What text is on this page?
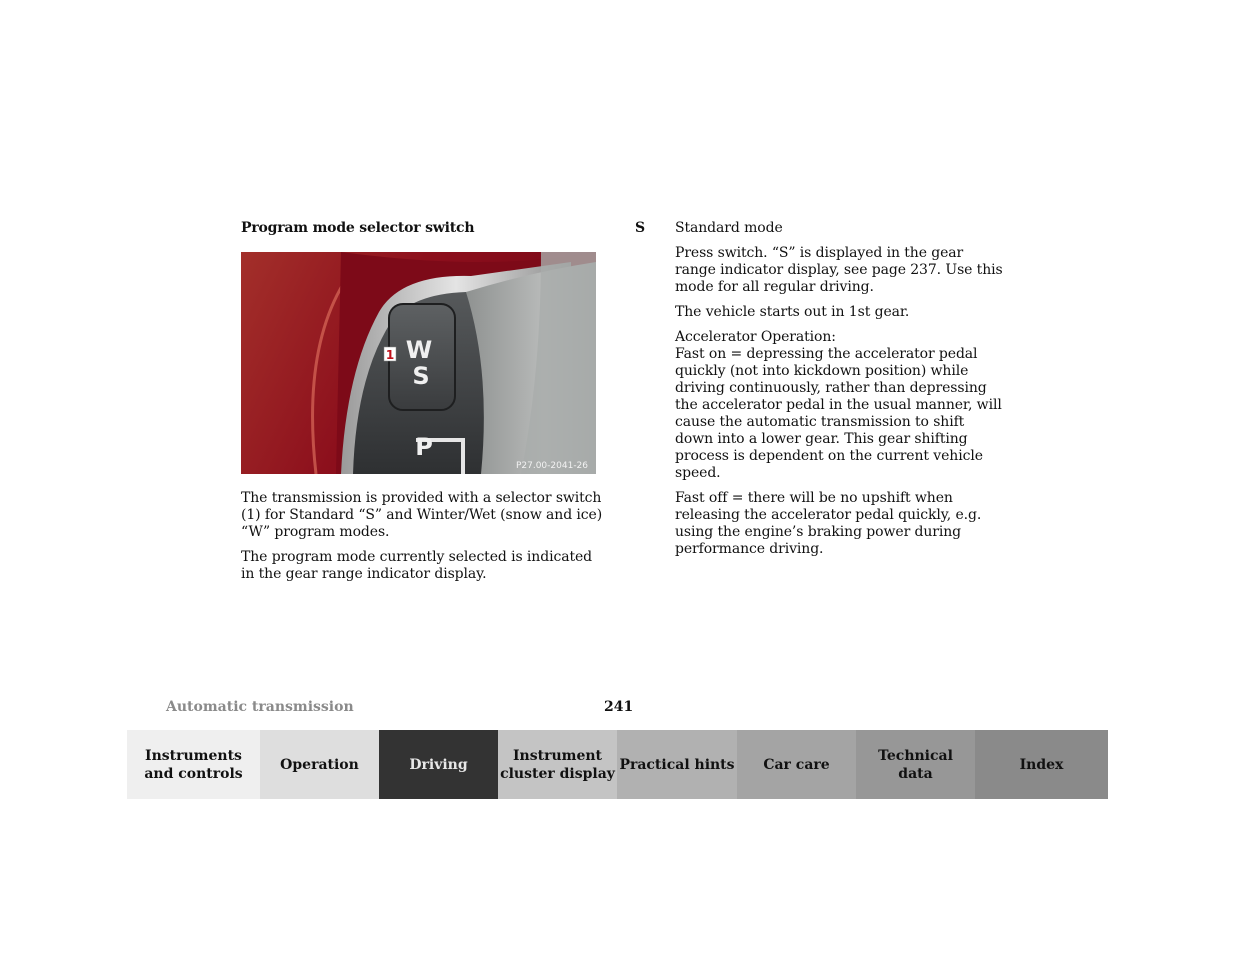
Program mode selector switch
1 W
S
P
P27.00-2041-26

The transmission is provided with a selector switch (1) for Standard “S” and Winter/Wet (snow and ice) “W” program modes.

The program mode currently selected is indicated in the gear range indicator display.

S Standard mode

Press switch. “S” is displayed in the gear range indicator display, see page 237. Use this mode for all regular driving.

The vehicle starts out in 1st gear.

Accelerator Operation:

Fast on = depressing the accelerator pedal quickly (not into kickdown position) while driving continuously, rather than depressing the accelerator pedal in the usual manner, will cause the automatic transmission to shift down into a lower gear. This gear shifting process is dependent on the current vehicle speed.

Fast off = there will be no upshift when releasing the accelerator pedal quickly, e.g. using the engine’s braking power during performance driving.

Automatic transmission	241
Instruments
and controls
Operation	Driving
Instrument
cluster display
Practical hints	Car care
Technical
data
Index
